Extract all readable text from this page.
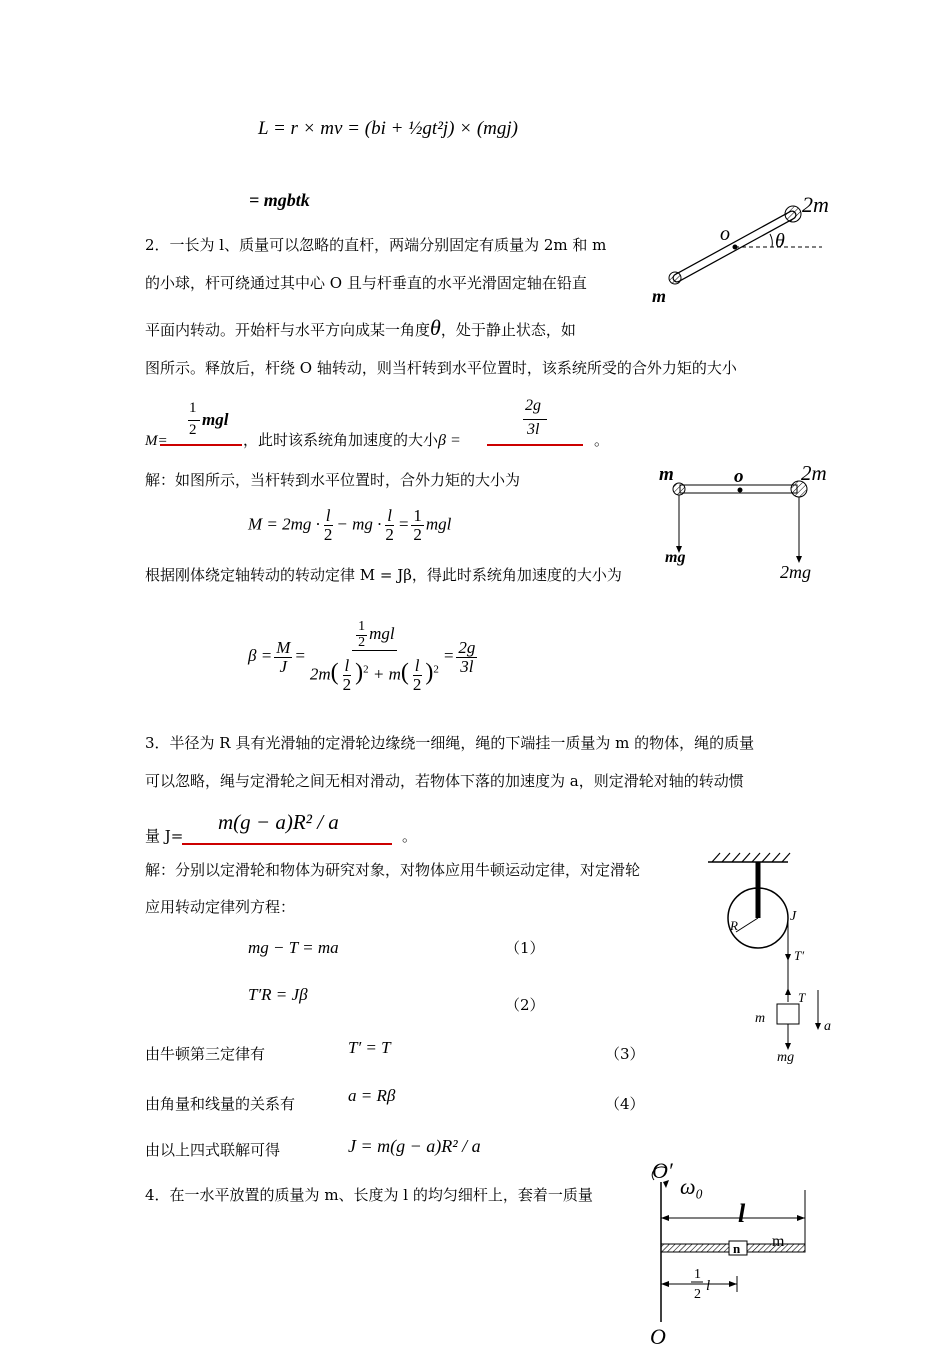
L = r × mv = (bi + ½gt²j) × (mgj)
= mgbtk
2．一长为 l、质量可以忽略的直杆，两端分别固定有质量为 2m 和 m
的小球，杆可绕通过其中心 O 且与杆垂直的水平光滑固定轴在铅直
平面内转动。开始杆与水平方向成某一角度θ，处于静止状态，如
图所示。释放后，杆绕 O 轴转动，则当杆转到水平位置时，该系统所受的合外力矩的大小
M=
1
2
mgl
，此时该系统角加速度的大小β =
2g
3l
。
解：如图所示，当杆转到水平位置时，合外力矩的大小为
$M = 2mg \cdot \frac{l}{2}$ − mg · $\frac{l}{2} = \frac{1}{2}$ mgl
根据刚体绕定轴转动的转动定律 M = Jβ，得此时系统角加速度的大小为
$\beta = \frac{M}{J} = \frac{\frac{1}{2} mgl}{2m( \frac{l}{2} )^2 + m( \frac{l}{2} )^2} = \frac{2g}{3l}$
2m
m
o θ
m	o	2m
mg
2mg
3．半径为 R 具有光滑轴的定滑轮边缘绕一细绳，绳的下端挂一质量为 m 的物体，绳的质量
可以忽略，绳与定滑轮之间无相对滑动，若物体下落的加速度为 a，则定滑轮对轴的转动惯
量 J=
m(g − a)R² / a
。
解：分别以定滑轮和物体为研究对象，对物体应用牛顿运动定律，对定滑轮
应用转动定律列方程：
mg − T = ma	（1）
T′R = Jβ
（2）
由牛顿第三定律有	T′ = T	（3）
由角量和线量的关系有	a = Rβ	（4）
由以上四式联解可得	J = m(g − a)R² / a
R
J
T′
T
m
a
mg
4．在一水平放置的质量为 m、长度为 l 的均匀细杆上，套着一质量
O′
ω₀
l
m
n
1
2
l
O
